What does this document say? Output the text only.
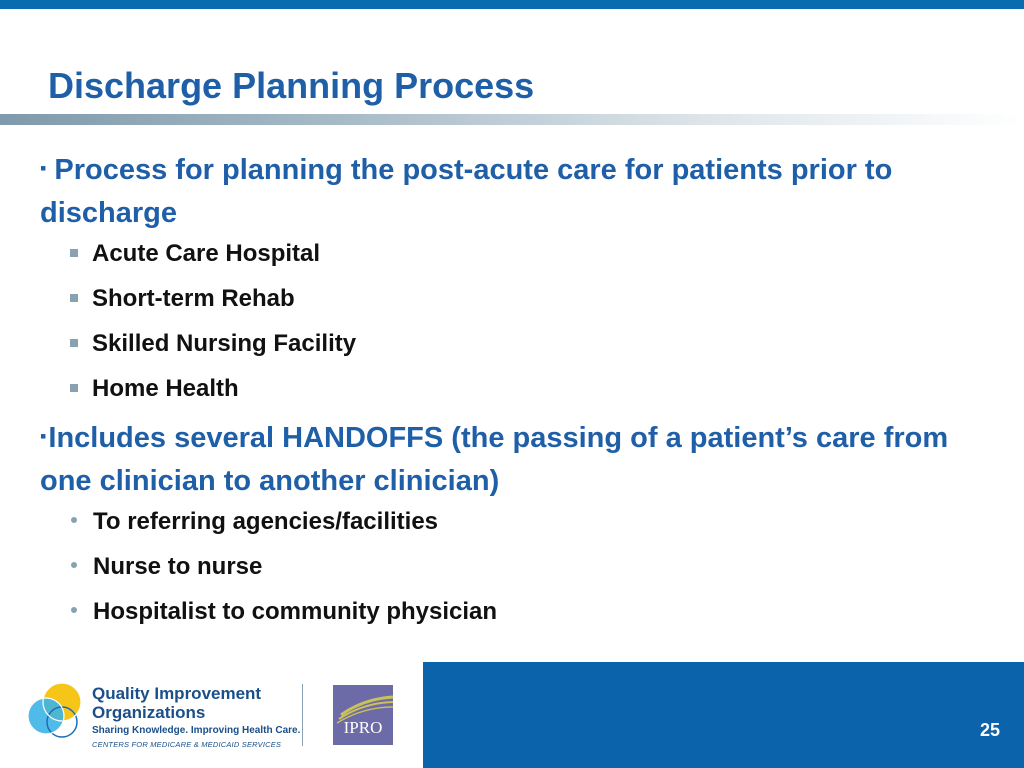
Discharge Planning Process
▪ Process for planning the post-acute care for patients prior to discharge
Acute Care Hospital
Short-term Rehab
Skilled Nursing Facility
Home Health
▪Includes several HANDOFFS (the passing of a patient’s care from one clinician to another clinician)
To referring agencies/facilities
Nurse to nurse
Hospitalist to community physician
Quality Improvement
Organizations
Sharing Knowledge. Improving Health Care.
CENTERS FOR MEDICARE & MEDICAID SERVICES
IPRO	25
